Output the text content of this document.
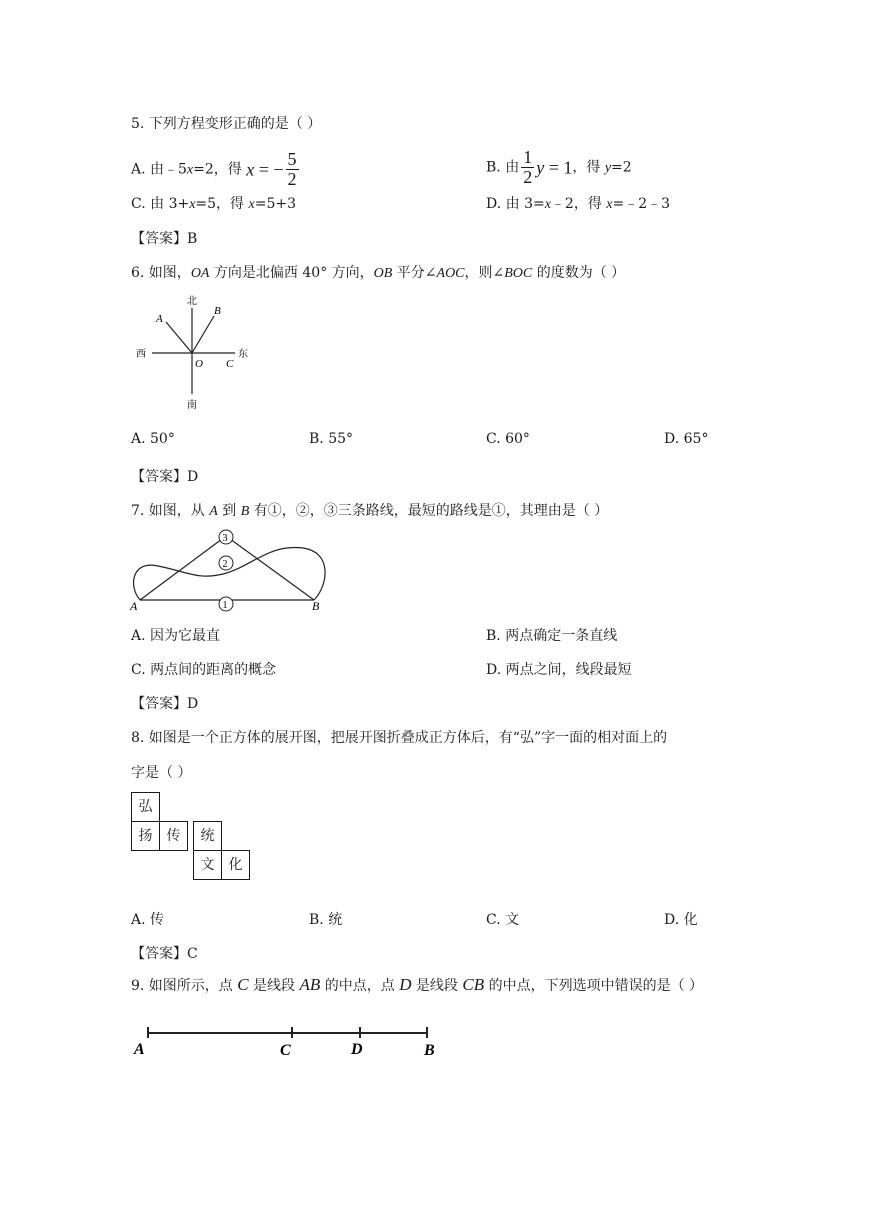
5. 下列方程变形正确的是（ ）
A. 由﹣5x=2，得 x = − $\frac{5}{2}$	B. 由 $\frac{1}{2}$ y = 1，得 y=2
C. 由 3+x=5，得 x=5+3	D. 由 3=x﹣2，得 x=﹣2﹣3
【答案】B
6. 如图，OA 方向是北偏西 40° 方向，OB 平分∠AOC，则∠BOC 的度数为（ ）
北
南
西	东
A
B
O C
A. 50°	B. 55°	C. 60°	D. 65°
【答案】D
7. 如图，从 A 到 B 有①，②，③三条路线，最短的路线是①，其理由是（ ）
3
2
1
A	B
A. 因为它最直	B. 两点确定一条直线
C. 两点间的距离的概念	D. 两点之间，线段最短
【答案】D
8. 如图是一个正方体的展开图，把展开图折叠成正方体后，有“弘”字一面的相对面上的
字是（ ）
弘
扬	传	统
文	化
A. 传	B. 统	C. 文	D. 化
【答案】C
9. 如图所示，点 C 是线段 AB 的中点，点 D 是线段 CB 的中点，下列选项中错误的是（ ）
A	C	D	B
